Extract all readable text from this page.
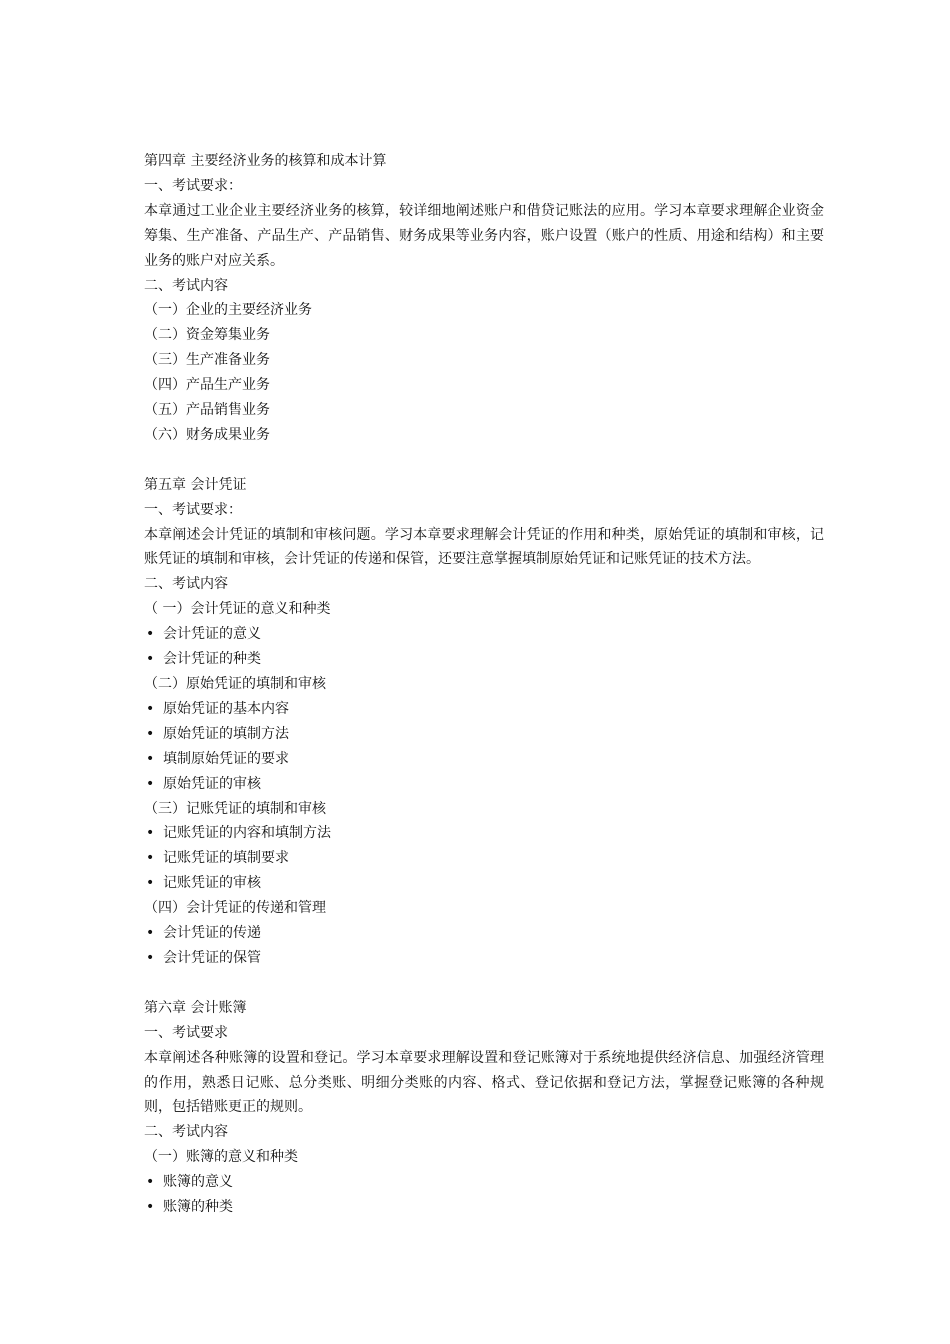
第四章 主要经济业务的核算和成本计算
一、考试要求：
本章通过工业企业主要经济业务的核算，较详细地阐述账户和借贷记账法的应用。学习本章要求理解企业资金筹集、生产准备、产品生产、产品销售、财务成果等业务内容，账户设置（账户的性质、用途和结构）和主要业务的账户对应关系。
二、考试内容
（一）企业的主要经济业务
（二）资金筹集业务
（三）生产准备业务
（四）产品生产业务
（五）产品销售业务
（六）财务成果业务
第五章 会计凭证
一、考试要求：
本章阐述会计凭证的填制和审核问题。学习本章要求理解会计凭证的作用和种类，原始凭证的填制和审核，记账凭证的填制和审核，会计凭证的传递和保管，还要注意掌握填制原始凭证和记账凭证的技术方法。
二、考试内容
（ 一）会计凭证的意义和种类
• 会计凭证的意义
• 会计凭证的种类
（二）原始凭证的填制和审核
• 原始凭证的基本内容
• 原始凭证的填制方法
• 填制原始凭证的要求
• 原始凭证的审核
（三）记账凭证的填制和审核
• 记账凭证的内容和填制方法
• 记账凭证的填制要求
• 记账凭证的审核
（四）会计凭证的传递和管理
• 会计凭证的传递
• 会计凭证的保管
第六章 会计账簿
一、考试要求
本章阐述各种账簿的设置和登记。学习本章要求理解设置和登记账簿对于系统地提供经济信息、加强经济管理的作用，熟悉日记账、总分类账、明细分类账的内容、格式、登记依据和登记方法，掌握登记账簿的各种规则，包括错账更正的规则。
二、考试内容
（一）账簿的意义和种类
• 账簿的意义
• 账簿的种类
